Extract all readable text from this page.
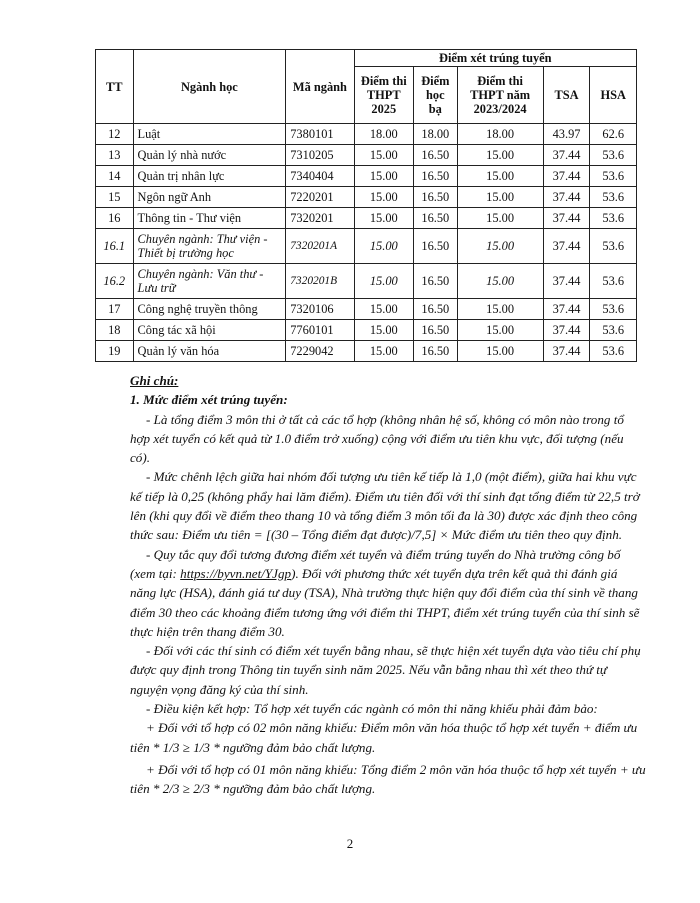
TT	Ngành học	Mã ngành	Điểm xét trúng tuyển				
			Điểm thi THPT 2025	Điểm học bạ	Điểm thi THPT năm 2023/2024	TSA	HSA
12	Luật	7380101	18.00	18.00	18.00	43.97	62.6
13	Quản lý nhà nước	7310205	15.00	16.50	15.00	37.44	53.6
14	Quản trị nhân lực	7340404	15.00	16.50	15.00	37.44	53.6
15	Ngôn ngữ Anh	7220201	15.00	16.50	15.00	37.44	53.6
16	Thông tin - Thư viện	7320201	15.00	16.50	15.00	37.44	53.6
16.1	Chuyên ngành: Thư viện - Thiết bị trường học	7320201A	15.00	16.50	15.00	37.44	53.6
16.2	Chuyên ngành: Văn thư - Lưu trữ	7320201B	15.00	16.50	15.00	37.44	53.6
17	Công nghệ truyền thông	7320106	15.00	16.50	15.00	37.44	53.6
18	Công tác xã hội	7760101	15.00	16.50	15.00	37.44	53.6
19	Quản lý văn hóa	7229042	15.00	16.50	15.00	37.44	53.6

Ghi chú:

1. Mức điểm xét trúng tuyển:

- Là tổng điểm 3 môn thi ở tất cả các tổ hợp (không nhân hệ số, không có môn nào trong tổ hợp xét tuyển có kết quả từ 1.0 điểm trở xuống) cộng với điểm ưu tiên khu vực, đối tượng (nếu có).

- Mức chênh lệch giữa hai nhóm đối tượng ưu tiên kế tiếp là 1,0 (một điểm), giữa hai khu vực kế tiếp là 0,25 (không phẩy hai lăm điểm). Điểm ưu tiên đối với thí sinh đạt tổng điểm từ 22,5 trở lên (khi quy đổi về điểm theo thang 10 và tổng điểm 3 môn tối đa là 30) được xác định theo công thức sau: Điểm ưu tiên = [(30 – Tổng điểm đạt được)/7,5] × Mức điểm ưu tiên theo quy định.

- Quy tắc quy đổi tương đương điểm xét tuyển và điểm trúng tuyển do Nhà trường công bố (xem tại: https://byvn.net/YJgp). Đối với phương thức xét tuyển dựa trên kết quả thi đánh giá năng lực (HSA), đánh giá tư duy (TSA), Nhà trường thực hiện quy đổi điểm của thí sinh về thang điểm 30 theo các khoảng điểm tương ứng với điểm thi THPT, điểm xét trúng tuyển của thí sinh sẽ thực hiện trên thang điểm 30.

- Đối với các thí sinh có điểm xét tuyển bằng nhau, sẽ thực hiện xét tuyển dựa vào tiêu chí phụ được quy định trong Thông tin tuyển sinh năm 2025. Nếu vẫn bằng nhau thì xét theo thứ tự nguyện vọng đăng ký của thí sinh.

- Điều kiện kết hợp: Tổ hợp xét tuyển các ngành có môn thi năng khiếu phải đảm bảo:

+ Đối với tổ hợp có 02 môn năng khiếu: Điểm môn văn hóa thuộc tổ hợp xét tuyển + điểm ưu tiên * 1/3 ≥ 1/3 * ngưỡng đảm bảo chất lượng.

+ Đối với tổ hợp có 01 môn năng khiếu: Tổng điểm 2 môn văn hóa thuộc tổ hợp xét tuyển + ưu tiên * 2/3 ≥ 2/3 * ngưỡng đảm bảo chất lượng.

2
